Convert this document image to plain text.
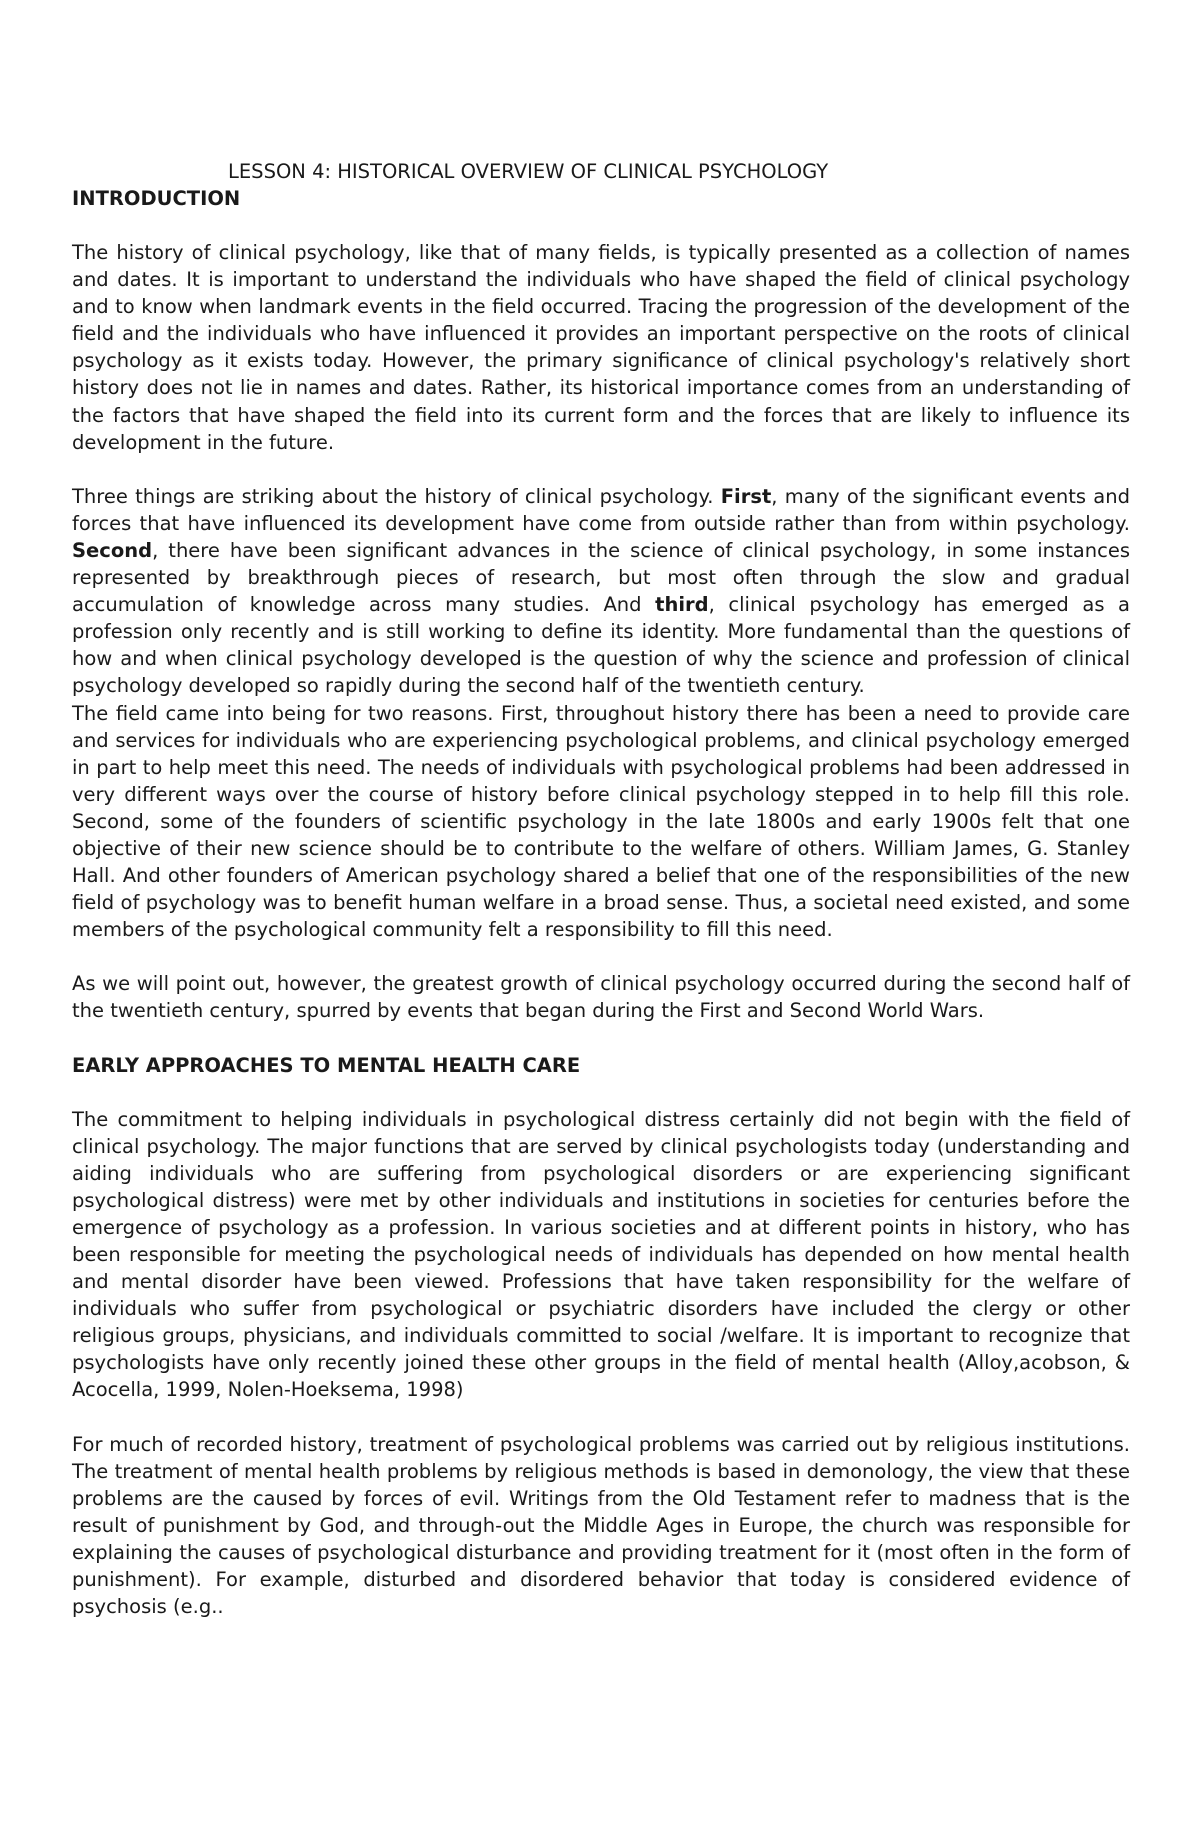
LESSON 4: HISTORICAL OVERVIEW OF CLINICAL PSYCHOLOGY
INTRODUCTION

The history of clinical psychology, like that of many fields, is typically presented as a collection of names and dates. It is important to understand the individuals who have shaped the field of clinical psychology and to know when landmark events in the field occurred. Tracing the progression of the development of the field and the individuals who have influenced it provides an important perspective on the roots of clinical psychology as it exists today. However, the primary significance of clinical psychology's relatively short history does not lie in names and dates. Rather, its historical importance comes from an understanding of the factors that have shaped the field into its current form and the forces that are likely to influence its development in the future.

Three things are striking about the history of clinical psychology. First, many of the significant events and forces that have influenced its development have come from outside rather than from within psychology. Second, there have been significant advances in the science of clinical psychology, in some instances represented by breakthrough pieces of research, but most often through the slow and gradual accumulation of knowledge across many studies. And third, clinical psychology has emerged as a profession only recently and is still working to define its identity. More fundamental than the questions of how and when clinical psychology developed is the question of why the science and profession of clinical psychology developed so rapidly during the second half of the twentieth century.

The field came into being for two reasons. First, throughout history there has been a need to provide care and services for individuals who are experiencing psychological problems, and clinical psychology emerged in part to help meet this need. The needs of individuals with psychological problems had been addressed in very different ways over the course of history before clinical psychology stepped in to help fill this role. Second, some of the founders of scientific psychology in the late 1800s and early 1900s felt that one objective of their new science should be to contribute to the welfare of others. William James, G. Stanley Hall. And other founders of American psychology shared a belief that one of the responsibilities of the new field of psychology was to benefit human welfare in a broad sense. Thus, a societal need existed, and some members of the psychological community felt a responsibility to fill this need.

As we will point out, however, the greatest growth of clinical psychology occurred during the second half of the twentieth century, spurred by events that began during the First and Second World Wars.

EARLY APPROACHES TO MENTAL HEALTH CARE

The commitment to helping individuals in psychological distress certainly did not begin with the field of clinical psychology. The major functions that are served by clinical psychologists today (understanding and aiding individuals who are suffering from psychological disorders or are experiencing significant psychological distress) were met by other individuals and institutions in societies for centuries before the emergence of psychology as a profession. In various societies and at different points in history, who has been responsible for meeting the psychological needs of individuals has depended on how mental health and mental disorder have been viewed. Professions that have taken responsibility for the welfare of individuals who suffer from psychological or psychiatric disorders have included the clergy or other religious groups, physicians, and individuals committed to social /welfare. It is important to recognize that psychologists have only recently joined these other groups in the field of mental health (Alloy,acobson, & Acocella, 1999, Nolen-Hoeksema, 1998)

For much of recorded history, treatment of psychological problems was carried out by religious institutions. The treatment of mental health problems by religious methods is based in demonology, the view that these problems are the caused by forces of evil. Writings from the Old Testament refer to madness that is the result of punishment by God, and through-out the Middle Ages in Europe, the church was responsible for explaining the causes of psychological disturbance and providing treatment for it (most often in the form of punishment). For example, disturbed and disordered behavior that today is considered evidence of psychosis (e.g..
